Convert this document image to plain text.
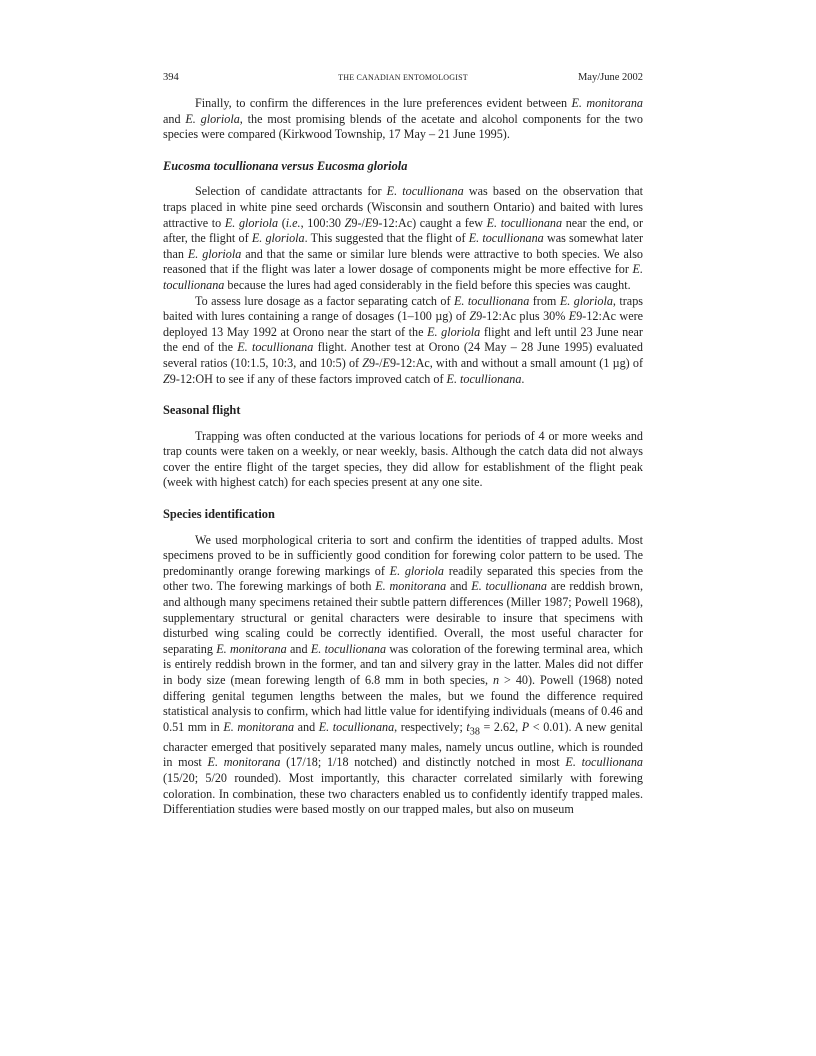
394	THE CANADIAN ENTOMOLOGIST	May/June 2002

Finally, to confirm the differences in the lure preferences evident between E. monitorana and E. gloriola, the most promising blends of the acetate and alcohol components for the two species were compared (Kirkwood Township, 17 May – 21 June 1995).

Eucosma tocullionana versus Eucosma gloriola

Selection of candidate attractants for E. tocullionana was based on the observation that traps placed in white pine seed orchards (Wisconsin and southern Ontario) and baited with lures attractive to E. gloriola (i.e., 100:30 Z9-/E9-12:Ac) caught a few E. tocullionana near the end, or after, the flight of E. gloriola. This suggested that the flight of E. tocullionana was somewhat later than E. gloriola and that the same or similar lure blends were attractive to both species. We also reasoned that if the flight was later a lower dosage of components might be more effective for E. tocullionana because the lures had aged considerably in the field before this species was caught.

To assess lure dosage as a factor separating catch of E. tocullionana from E. gloriola, traps baited with lures containing a range of dosages (1–100 µg) of Z9-12:Ac plus 30% E9-12:Ac were deployed 13 May 1992 at Orono near the start of the E. gloriola flight and left until 23 June near the end of the E. tocullionana flight. Another test at Orono (24 May – 28 June 1995) evaluated several ratios (10:1.5, 10:3, and 10:5) of Z9-/E9-12:Ac, with and without a small amount (1 µg) of Z9-12:OH to see if any of these factors improved catch of E. tocullionana.

Seasonal flight

Trapping was often conducted at the various locations for periods of 4 or more weeks and trap counts were taken on a weekly, or near weekly, basis. Although the catch data did not always cover the entire flight of the target species, they did allow for establishment of the flight peak (week with highest catch) for each species present at any one site.

Species identification

We used morphological criteria to sort and confirm the identities of trapped adults. Most specimens proved to be in sufficiently good condition for forewing color pattern to be used. The predominantly orange forewing markings of E. gloriola readily separated this species from the other two. The forewing markings of both E. monitorana and E. tocullionana are reddish brown, and although many specimens retained their subtle pattern differences (Miller 1987; Powell 1968), supplementary structural or genital characters were desirable to insure that specimens with disturbed wing scaling could be correctly identified. Overall, the most useful character for separating E. monitorana and E. tocullionana was coloration of the forewing terminal area, which is entirely reddish brown in the former, and tan and silvery gray in the latter. Males did not differ in body size (mean forewing length of 6.8 mm in both species, n > 40). Powell (1968) noted differing genital tegumen lengths between the males, but we found the difference required statistical analysis to confirm, which had little value for identifying individuals (means of 0.46 and 0.51 mm in E. monitorana and E. tocullionana, respectively; $t_{38} = 2.62$, P < 0.01). A new genital character emerged that positively separated many males, namely uncus outline, which is rounded in most E. monitorana (17/18; 1/18 notched) and distinctly notched in most E. tocullionana (15/20; 5/20 rounded). Most importantly, this character correlated similarly with forewing coloration. In combination, these two characters enabled us to confidently identify trapped males. Differentiation studies were based mostly on our trapped males, but also on museum
